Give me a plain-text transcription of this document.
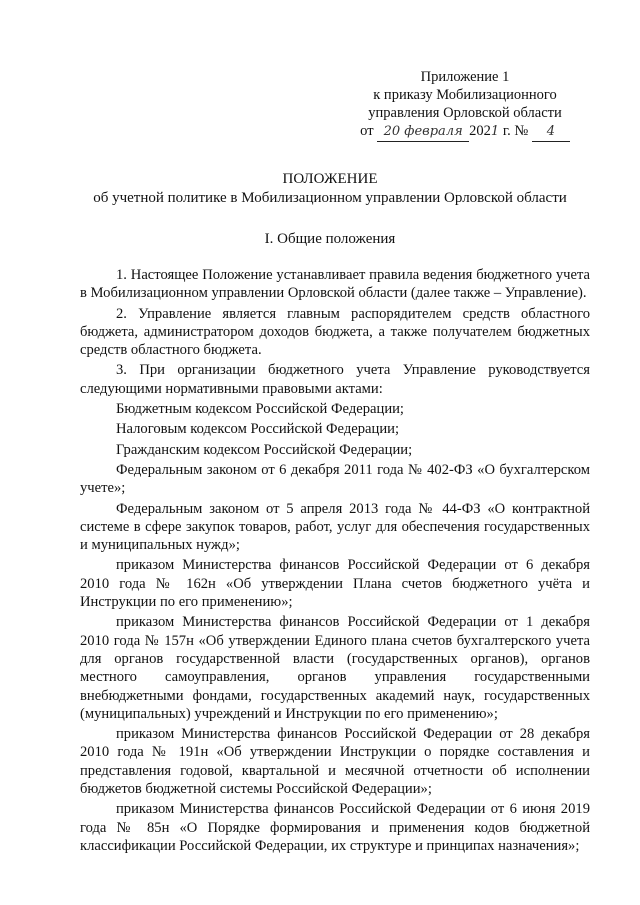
Приложение 1
к приказу Мобилизационного
управления Орловской области
от 20 февраля 2021 г. № 4
ПОЛОЖЕНИЕ
об учетной политике в Мобилизационном управлении Орловской области
I. Общие положения

1. Настоящее Положение устанавливает правила ведения бюджетного учета в Мобилизационном управлении Орловской области (далее также – Управление).

2. Управление является главным распорядителем средств областного бюджета, администратором доходов бюджета, а также получателем бюджетных средств областного бюджета.

3. При организации бюджетного учета Управление руководствуется следующими нормативными правовыми актами:

Бюджетным кодексом Российской Федерации;

Налоговым кодексом Российской Федерации;

Гражданским кодексом Российской Федерации;

Федеральным законом от 6 декабря 2011 года № 402-ФЗ «О бухгалтерском учете»;

Федеральным законом от 5 апреля 2013 года № 44-ФЗ «О контрактной системе в сфере закупок товаров, работ, услуг для обеспечения государственных и муниципальных нужд»;

приказом Министерства финансов Российской Федерации от 6 декабря 2010 года № 162н «Об утверждении Плана счетов бюджетного учёта и Инструкции по его применению»;

приказом Министерства финансов Российской Федерации от 1 декабря 2010 года № 157н «Об утверждении Единого плана счетов бухгалтерского учета для органов государственной власти (государственных органов), органов местного самоуправления, органов управления государственными внебюджетными фондами, государственных академий наук, государственных (муниципальных) учреждений и Инструкции по его применению»;

приказом Министерства финансов Российской Федерации от 28 декабря 2010 года № 191н «Об утверждении Инструкции о порядке составления и представления годовой, квартальной и месячной отчетности об исполнении бюджетов бюджетной системы Российской Федерации»;

приказом Министерства финансов Российской Федерации от 6 июня 2019 года № 85н «О Порядке формирования и применения кодов бюджетной классификации Российской Федерации, их структуре и принципах назначения»;
